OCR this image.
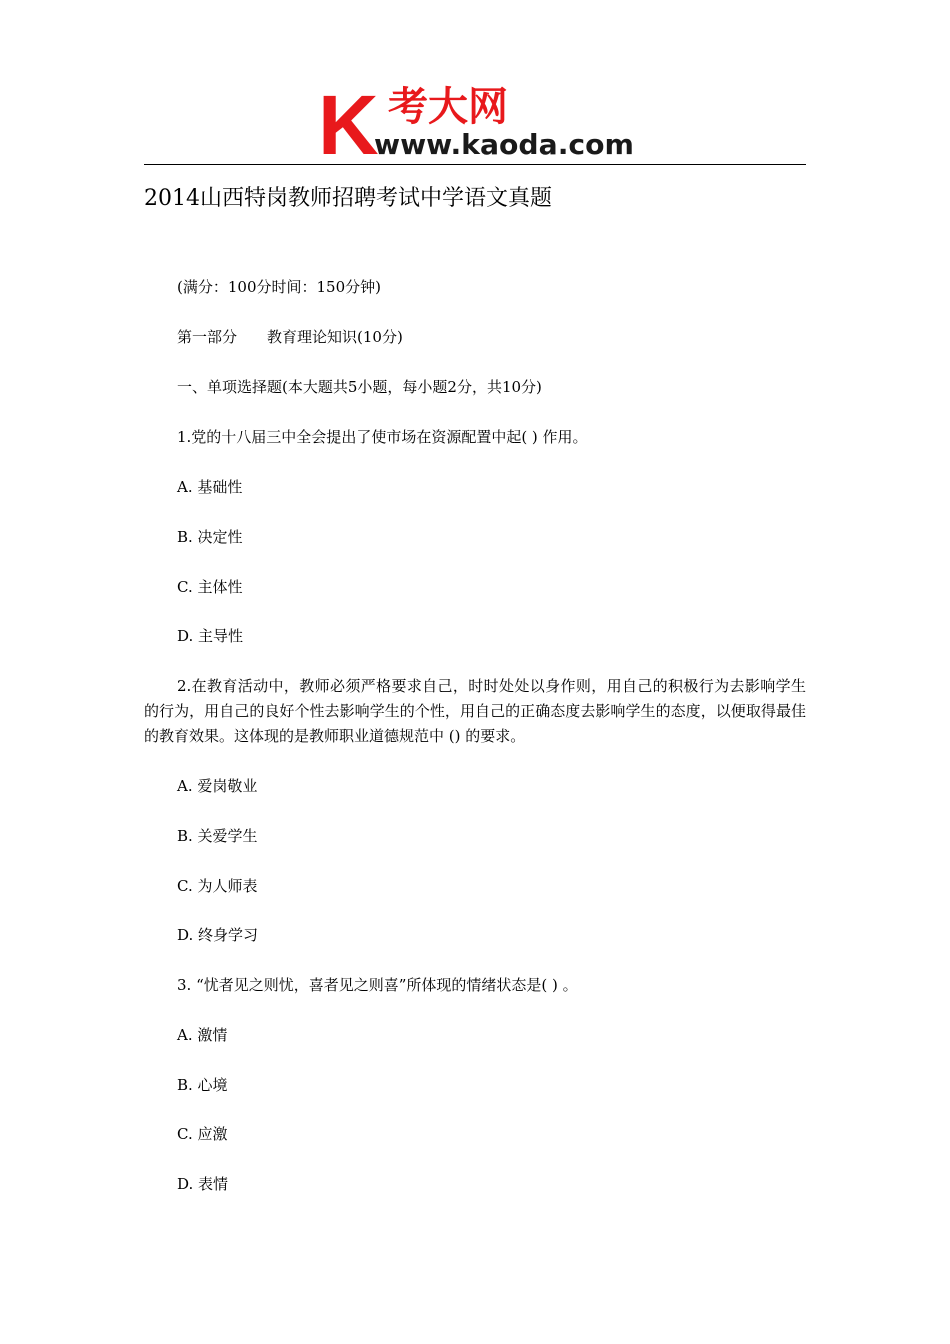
K 考大网
www.kaoda.com
2014山西特岗教师招聘考试中学语文真题
(满分：100分时间：150分钟)
第一部分 教育理论知识(10分)
一、单项选择题(本大题共5小题，每小题2分，共10分)
1.党的十八届三中全会提出了使市场在资源配置中起( ) 作用。
A. 基础性
B. 决定性
C. 主体性
D. 主导性
2.在教育活动中，教师必须严格要求自己，时时处处以身作则，用自己的积极行为去影响学生的行为，用自己的良好个性去影响学生的个性，用自己的正确态度去影响学生的态度，以便取得最佳的教育效果。这体现的是教师职业道德规范中 () 的要求。
A. 爱岗敬业
B. 关爱学生
C. 为人师表
D. 终身学习
3. “忧者见之则忧，喜者见之则喜”所体现的情绪状态是( ) 。
A. 激情
B. 心境
C. 应激
D. 表情
